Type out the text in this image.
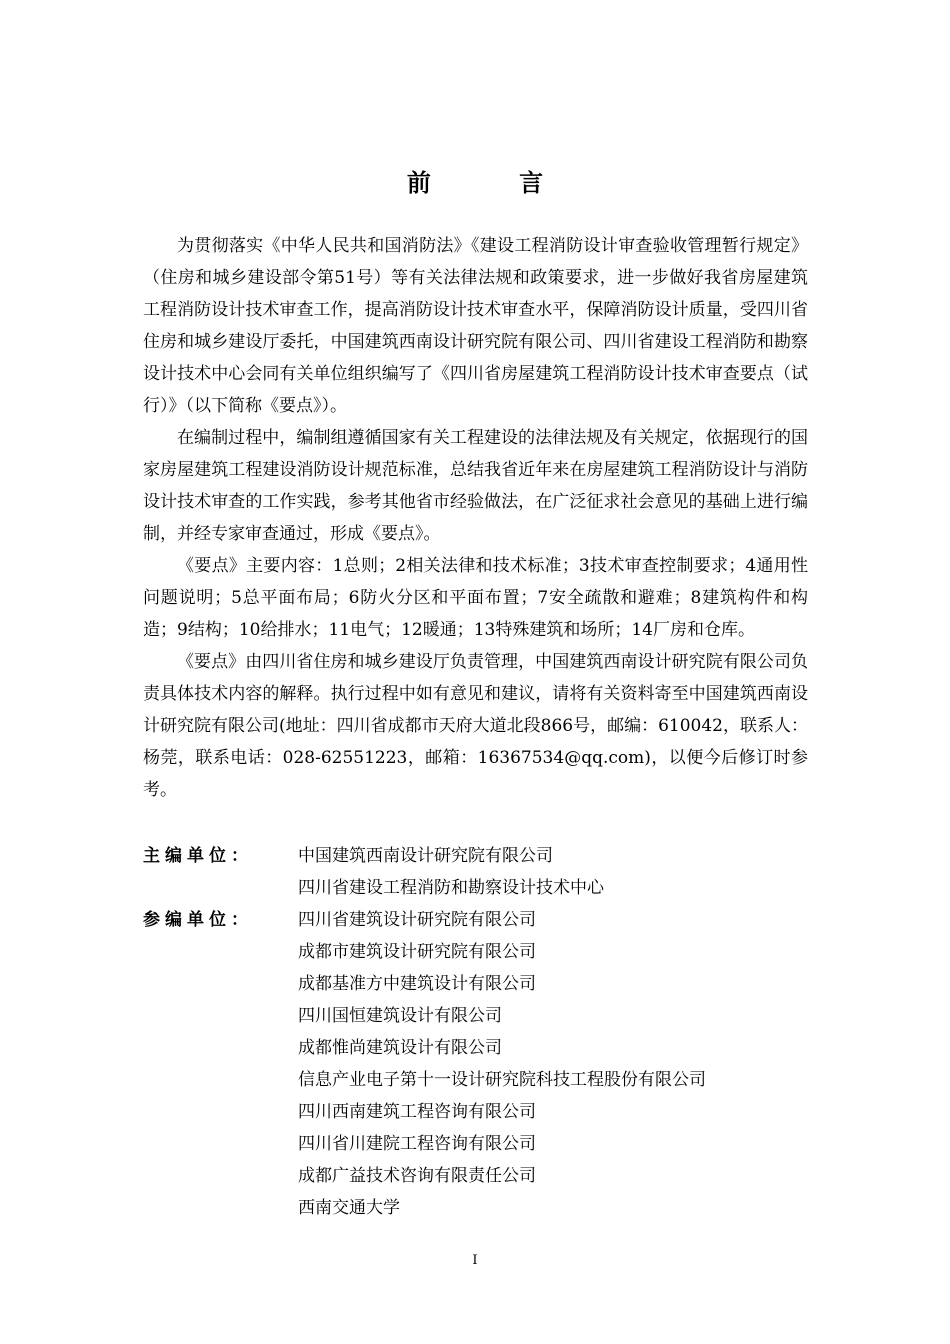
前 言

为贯彻落实《中华人民共和国消防法》《建设工程消防设计审查验收管理暂行规定》（住房和城乡建设部令第51号）等有关法律法规和政策要求，进一步做好我省房屋建筑工程消防设计技术审查工作，提高消防设计技术审查水平，保障消防设计质量，受四川省住房和城乡建设厅委托，中国建筑西南设计研究院有限公司、四川省建设工程消防和勘察设计技术中心会同有关单位组织编写了《四川省房屋建筑工程消防设计技术审查要点（试行）》（以下简称《要点》）。

在编制过程中，编制组遵循国家有关工程建设的法律法规及有关规定，依据现行的国家房屋建筑工程建设消防设计规范标准，总结我省近年来在房屋建筑工程消防设计与消防设计技术审查的工作实践，参考其他省市经验做法，在广泛征求社会意见的基础上进行编制，并经专家审查通过，形成《要点》。

《要点》主要内容：1总则；2相关法律和技术标准；3技术审查控制要求；4通用性问题说明；5总平面布局；6防火分区和平面布置；7安全疏散和避难；8建筑构件和构造；9结构；10给排水；11电气；12暖通；13特殊建筑和场所；14厂房和仓库。

《要点》由四川省住房和城乡建设厅负责管理，中国建筑西南设计研究院有限公司负责具体技术内容的解释。执行过程中如有意见和建议，请将有关资料寄至中国建筑西南设计研究院有限公司(地址：四川省成都市天府大道北段866号，邮编：610042，联系人：杨莞，联系电话：028-62551223，邮箱：16367534@qq.com)，以便今后修订时参考。

主编单位：	中国建筑西南设计研究院有限公司
四川省建设工程消防和勘察设计技术中心
参编单位：	四川省建筑设计研究院有限公司
成都市建筑设计研究院有限公司
成都基准方中建筑设计有限公司
四川国恒建筑设计有限公司
成都惟尚建筑设计有限公司
信息产业电子第十一设计研究院科技工程股份有限公司
四川西南建筑工程咨询有限公司
四川省川建院工程咨询有限公司
成都广益技术咨询有限责任公司
西南交通大学
I
